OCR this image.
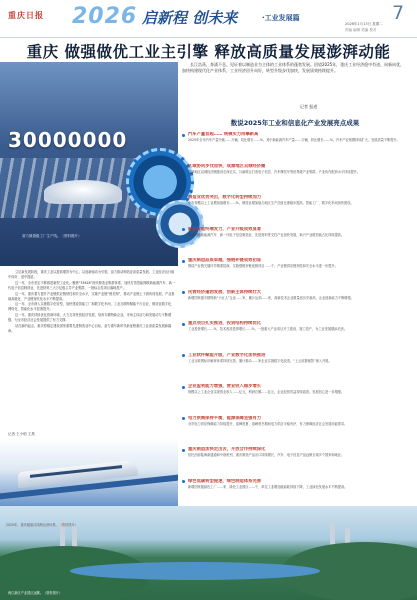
重庆日报 2026 启新程 创未来	·工业发展篇	7
2026年1月13日 星期二
责编 编辑 美编 校对
重庆 做强做优工业主引擎 释放高质量发展澎湃动能
30000000
赛力斯超级工厂生产线。（资料图片）
长江浩荡，奔涌不息。见证着以制造业为主体的工业体系的蓬勃发展。回望2025年，重庆工业经济稳中有进、向新向优，加快构建现代化产业体系，工业经济回升向好，转型升级步伐加快，发展质效持续提升。
记者 报道
数说2025年工业和信息化产业发展亮点成果
汽车产量首超…… 规模实力再攀新高
2025年全市汽车产量突破……万辆，同比增长……%，其中新能源汽车产量……万辆，同比增长……%，汽车产业规模持续扩大，发展质量不断提升。
区域协同步伐加快，成渝地区双城经济圈
成渝地区双城经济圈建设走深走实，川渝联合打造电子信息、汽车摩托车等世界级产业集群，产业协作配套水平持续提升。
制造业优势突出，数字化转型持续加力
全市规模以上工业增加值增长……%，制造业增加值占地区生产总值比重稳步提高，智能工厂、数字化车间加快建设。
新型智能终端发力，产业升级成效显著
智能网联新能源汽车、新一代电子信息制造业、先进材料等支柱产业加快发展，新兴产业增加值占比持续提高。
重庆制造品质卓越，强链补链成效初显
围绕产业链关键环节精准招商，实施强链补链延链项目……个，产业链供应链韧性和安全水平进一步提升。
民营经济蓬勃发展，创新主体持续壮大
新增国家级专精特新“小巨人”企业……家，累计达到……家，高新技术企业数量创历史新高，企业创新能力不断增强。
重点项目扎实推进，投资结构持续优化
工业投资增长……%，技术改造投资增长……%，一批重大产业项目开工建设、竣工投产，为工业发展增添后劲。
工业软件赋能升级，产业数字化加快推进
工业互联网标识解析体系持续完善，累计推动……家企业实施数字化改造，“上云用数赋智”深入开展。
企业盈利能力增强，营业收入稳步增长
规模以上工业企业实现营业收入……亿元，利润总额……亿元，企业经营效益持续改善，发展信心进一步增强。
电力供需保持平衡，能源保障坚强有力
全市电力供应保障能力持续提升，迎峰度夏、迎峰度冬期间电力供应平稳有序，有力保障经济社会发展用能需求。
重庆制造加快走出去，开放合作持续深化
依托西部陆海新通道和中欧班列，重庆制造产品出口持续增长，汽车、电子信息产品远销全球多个国家和地区。
绿色低碳转型提速，绿色制造体系完善
新增国家级绿色工厂……家、绿色工业园区……个，单位工业增加值能耗持续下降，工业绿色发展水平不断提高。

立足新发展阶段，重庆工业以提质增效为中心，以创新驱动为引领，奋力推动制造业高质量发展，工业经济运行稳中向好、进中提质。

这一年，全市坚定不移推进新型工业化，聚焦“33618”现代制造业集群体系，加快打造智能网联新能源汽车、新一代电子信息制造业、先进材料三大万亿级主导产业集群，一批标志性项目落地投产。

这一年，重庆着力提升产业链供应链韧性和安全水平，实施产业链“链长制”，推动产业链上下游协同发展，产业基础高级化、产业链现代化水平不断提高。

这一年，全市深入实施数字化转型，加快建设智能工厂和数字化车间，工业互联网赋能千行百业，制造业数字化、网络化、智能化水平显著提升。

这一年，重庆持续优化营商环境，大力支持民营经济发展，培育专精特新企业，市场主体活力和发展动力不断增强，为全市经济社会发展提供了有力支撑。

站在新的起点，重庆将锚定建设国家重要先进制造业中心目标，奋力谱写新时代新征程重庆工业高质量发展新篇章。

记者 王小明 王燕
2025年，重庆磁悬浮线路运营场景。（资料图片）
两江新区产业园区远眺。（资料图片）
